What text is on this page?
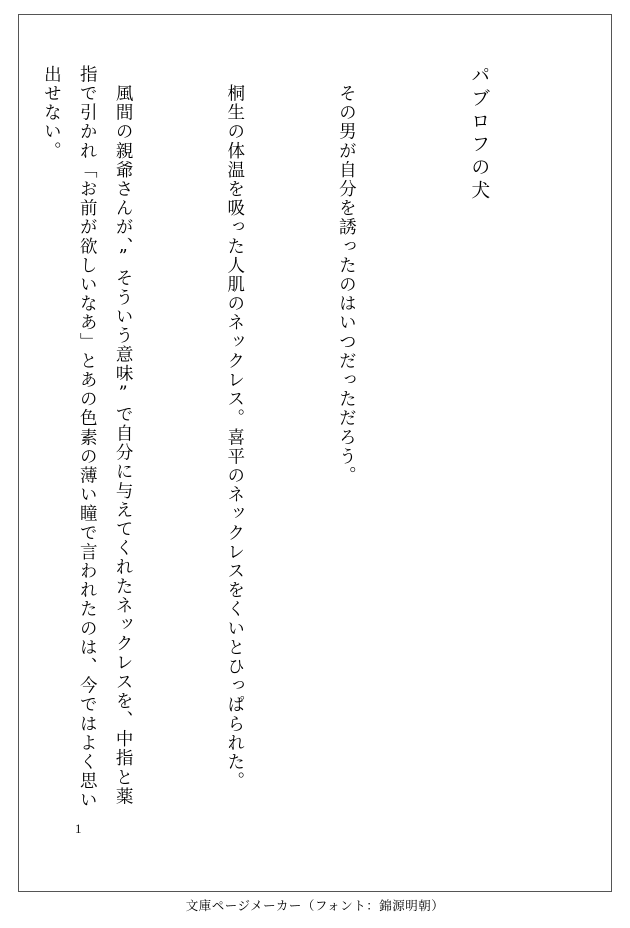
パブロフの犬

　その男が自分を誘ったのはいつだっただろう。

　桐生の体温を吸った人肌のネックレス。喜平のネックレスをくいとひっぱられた。

　風間の親爺さんが、”そういう意味”で自分に与えてくれたネックレスを、中指と薬指で引かれ「お前が欲しいなあ」とあの色素の薄い瞳で言われたのは、今ではよく思い出せない。

1
文庫ページメーカー（フォント：錦源明朝）
